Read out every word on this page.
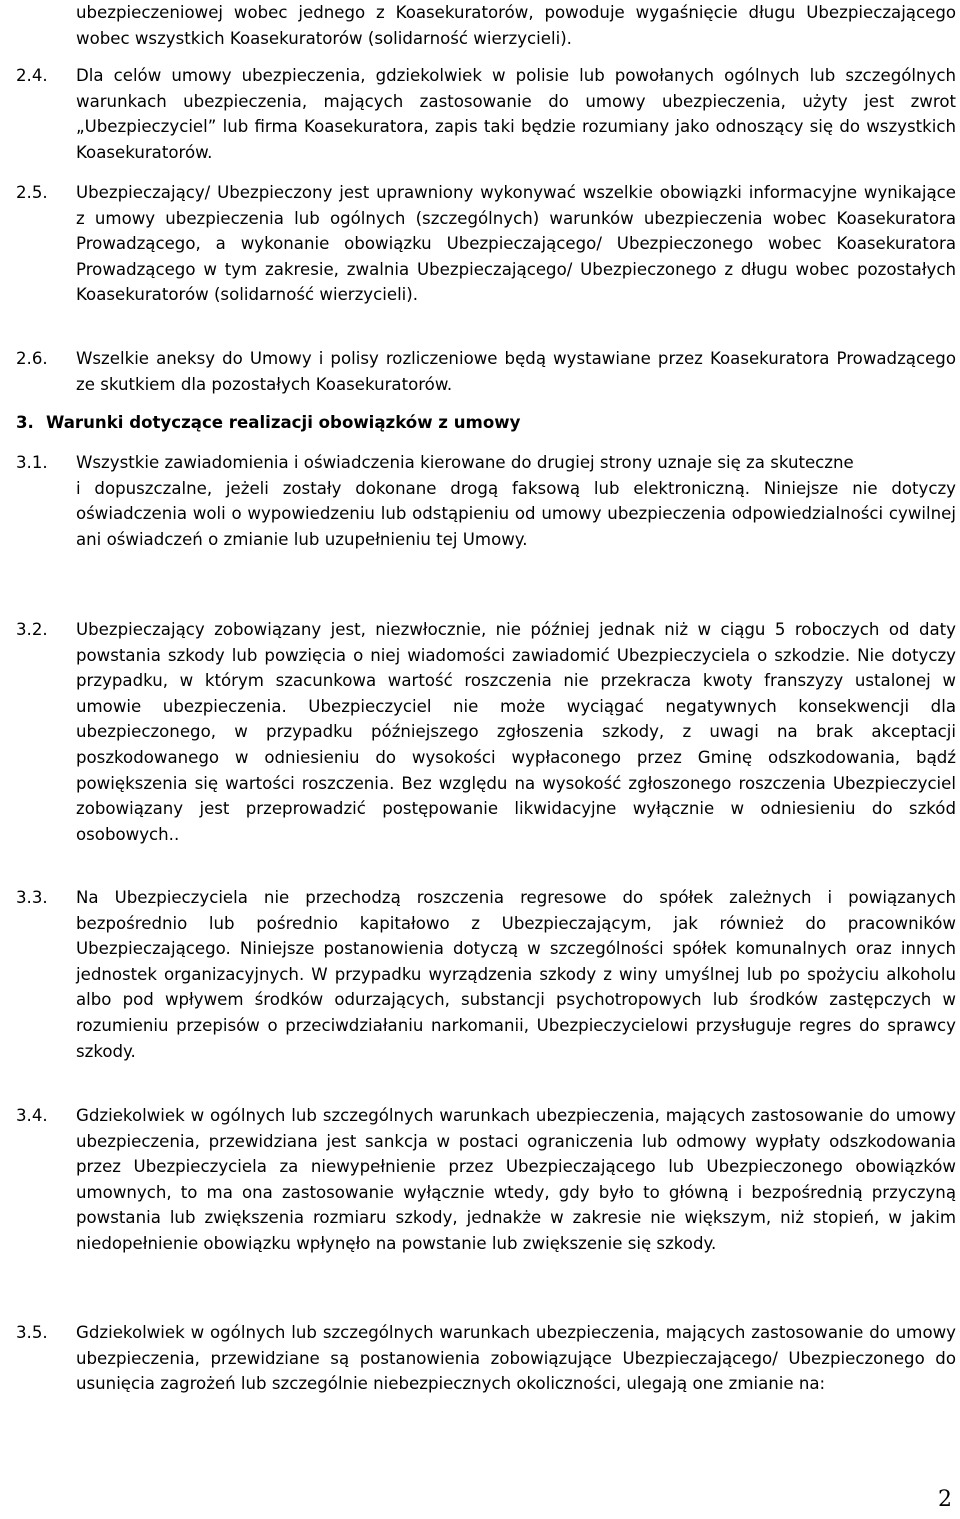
ubezpieczeniowej wobec jednego z Koasekuratorów, powoduje wygaśnięcie długu Ubezpieczającego wobec wszystkich Koasekuratorów (solidarność wierzycieli).
2.4.	Dla celów umowy ubezpieczenia, gdziekolwiek w polisie lub powołanych ogólnych lub szczególnych warunkach ubezpieczenia, mających zastosowanie do umowy ubezpieczenia, użyty jest zwrot „Ubezpieczyciel” lub firma Koasekuratora, zapis taki będzie rozumiany jako odnoszący się do wszystkich Koasekuratorów.
2.5.	Ubezpieczający/ Ubezpieczony jest uprawniony wykonywać wszelkie obowiązki informacyjne wynikające z umowy ubezpieczenia lub ogólnych (szczególnych) warunków ubezpieczenia wobec Koasekuratora Prowadzącego, a wykonanie obowiązku Ubezpieczającego/ Ubezpieczonego wobec Koasekuratora Prowadzącego w tym zakresie, zwalnia Ubezpieczającego/ Ubezpieczonego z długu wobec pozostałych Koasekuratorów (solidarność wierzycieli).
2.6.	Wszelkie aneksy do Umowy i polisy rozliczeniowe będą wystawiane przez Koasekuratora Prowadzącego ze skutkiem dla pozostałych Koasekuratorów.
3. Warunki dotyczące realizacji obowiązków z umowy
3.1.	Wszystkie zawiadomienia i oświadczenia kierowane do drugiej strony uznaje się za skuteczne
i dopuszczalne, jeżeli zostały dokonane drogą faksową lub elektroniczną. Niniejsze nie dotyczy oświadczenia woli o wypowiedzeniu lub odstąpieniu od umowy ubezpieczenia odpowiedzialności cywilnej ani oświadczeń o zmianie lub uzupełnieniu tej Umowy.
3.2.	Ubezpieczający zobowiązany jest, niezwłocznie, nie później jednak niż w ciągu 5 roboczych od daty powstania szkody lub powzięcia o niej wiadomości zawiadomić Ubezpieczyciela o szkodzie. Nie dotyczy przypadku, w którym szacunkowa wartość roszczenia nie przekracza kwoty franszyzy ustalonej w umowie ubezpieczenia. Ubezpieczyciel nie może wyciągać negatywnych konsekwencji dla ubezpieczonego, w przypadku późniejszego zgłoszenia szkody, z uwagi na brak akceptacji poszkodowanego w odniesieniu do wysokości wypłaconego przez Gminę odszkodowania, bądź powiększenia się wartości roszczenia. Bez względu na wysokość zgłoszonego roszczenia Ubezpieczyciel zobowiązany jest przeprowadzić postępowanie likwidacyjne wyłącznie w odniesieniu do szkód osobowych..
3.3.	Na Ubezpieczyciela nie przechodzą roszczenia regresowe do spółek zależnych i powiązanych bezpośrednio lub pośrednio kapitałowo z Ubezpieczającym, jak również do pracowników Ubezpieczającego. Niniejsze postanowienia dotyczą w szczególności spółek komunalnych oraz innych jednostek organizacyjnych. W przypadku wyrządzenia szkody z winy umyślnej lub po spożyciu alkoholu albo pod wpływem środków odurzających, substancji psychotropowych lub środków zastępczych w rozumieniu przepisów o przeciwdziałaniu narkomanii, Ubezpieczycielowi przysługuje regres do sprawcy szkody.
3.4.	Gdziekolwiek w ogólnych lub szczególnych warunkach ubezpieczenia, mających zastosowanie do umowy ubezpieczenia, przewidziana jest sankcja w postaci ograniczenia lub odmowy wypłaty odszkodowania przez Ubezpieczyciela za niewypełnienie przez Ubezpieczającego lub Ubezpieczonego obowiązków umownych, to ma ona zastosowanie wyłącznie wtedy, gdy było to główną i bezpośrednią przyczyną powstania lub zwiększenia rozmiaru szkody, jednakże w zakresie nie większym, niż stopień, w jakim niedopełnienie obowiązku wpłynęło na powstanie lub zwiększenie się szkody.
3.5.	Gdziekolwiek w ogólnych lub szczególnych warunkach ubezpieczenia, mających zastosowanie do umowy ubezpieczenia, przewidziane są postanowienia zobowiązujące Ubezpieczającego/ Ubezpieczonego do usunięcia zagrożeń lub szczególnie niebezpiecznych okoliczności, ulegają one zmianie na:
2
